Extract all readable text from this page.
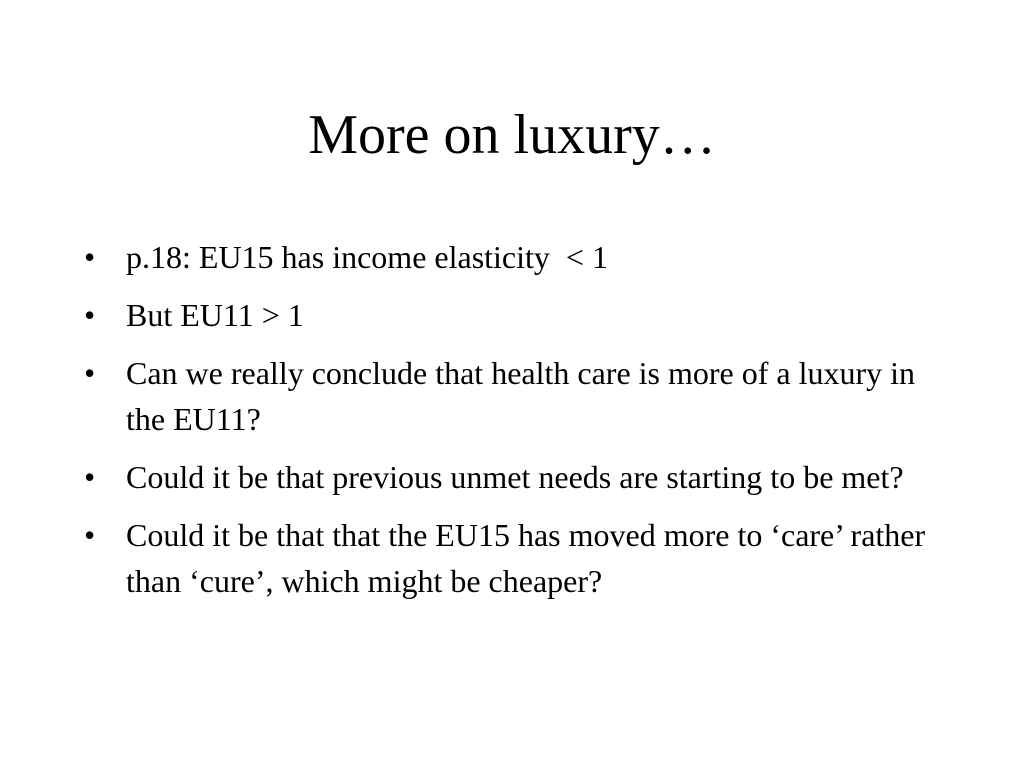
More on luxury…
• p.18: EU15 has income elasticity  < 1
• But EU11 > 1
• Can we really conclude that health care is more of a luxury in the EU11?
• Could it be that previous unmet needs are starting to be met?
• Could it be that that the EU15 has moved more to ‘care’ rather than ‘cure’, which might be cheaper?
